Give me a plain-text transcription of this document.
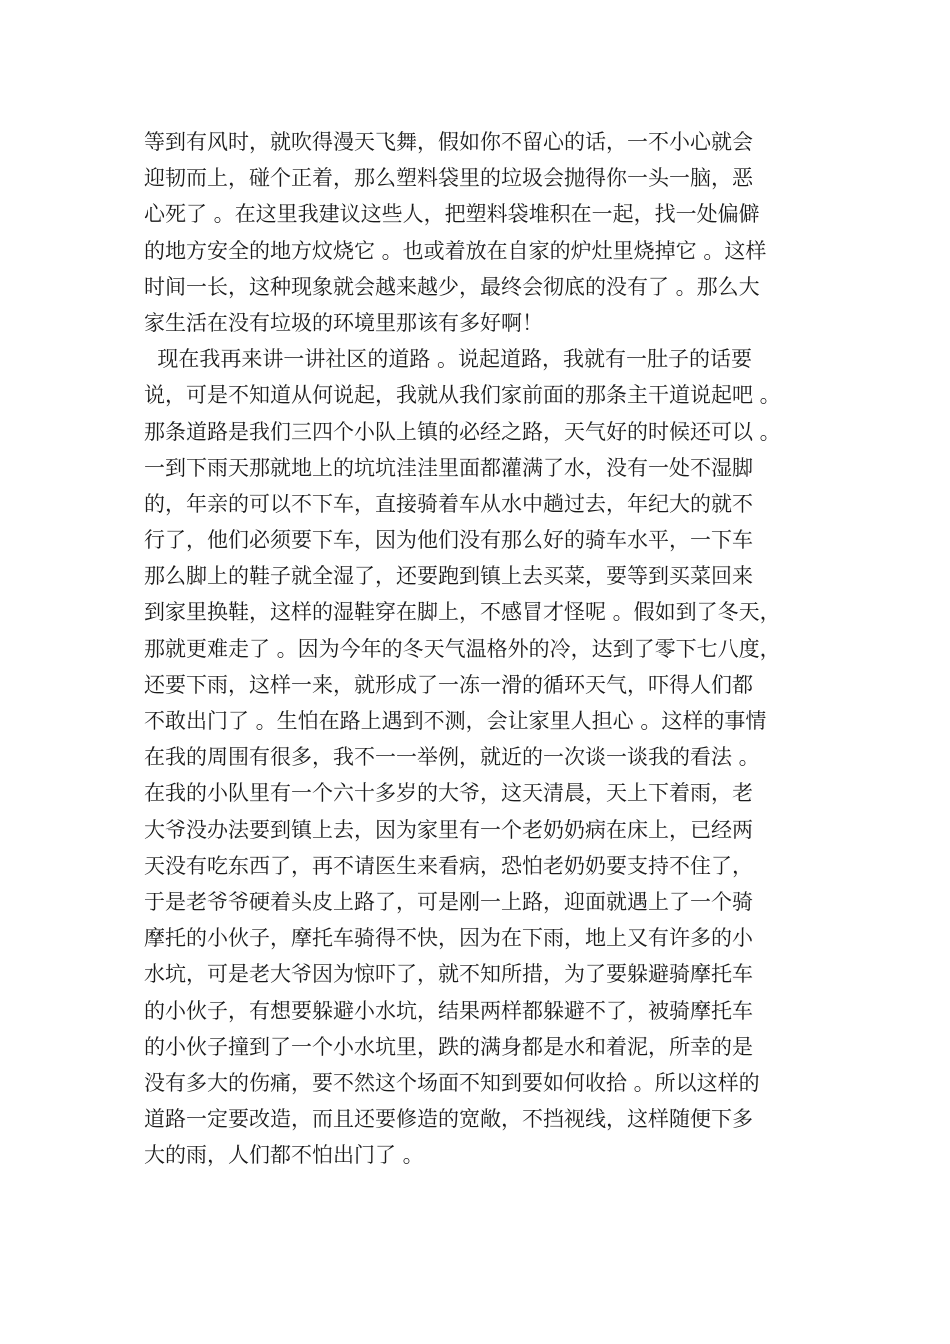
等到有风时，就吹得漫天飞舞，假如你不留心的话，一不小心就会
迎韧而上，碰个正着，那么塑料袋里的垃圾会抛得你一头一脑，恶
心死了 。在这里我建议这些人，把塑料袋堆积在一起，找一处偏僻
的地方安全的地方炆烧它 。也或着放在自家的炉灶里烧掉它 。这样
时间一长，这种现象就会越来越少，最终会彻底的没有了 。那么大
家生活在没有垃圾的环境里那该有多好啊！
现在我再来讲一讲社区的道路 。说起道路，我就有一肚子的话要
说，可是不知道从何说起，我就从我们家前面的那条主干道说起吧 。
那条道路是我们三四个小队上镇的必经之路，天气好的时候还可以 。
一到下雨天那就地上的坑坑洼洼里面都灌满了水，没有一处不湿脚
的，年亲的可以不下车，直接骑着车从水中趟过去，年纪大的就不
行了，他们必须要下车，因为他们没有那么好的骑车水平，一下车
那么脚上的鞋子就全湿了，还要跑到镇上去买菜，要等到买菜回来
到家里换鞋，这样的湿鞋穿在脚上，不感冒才怪呢 。假如到了冬天，
那就更难走了 。因为今年的冬天气温格外的冷，达到了零下七八度，
还要下雨，这样一来，就形成了一冻一滑的循环天气，吓得人们都
不敢出门了 。生怕在路上遇到不测，会让家里人担心 。这样的事情
在我的周围有很多，我不一一举例，就近的一次谈一谈我的看法 。
在我的小队里有一个六十多岁的大爷，这天清晨，天上下着雨，老
大爷没办法要到镇上去，因为家里有一个老奶奶病在床上，已经两
天没有吃东西了，再不请医生来看病，恐怕老奶奶要支持不住了，
于是老爷爷硬着头皮上路了，可是刚一上路，迎面就遇上了一个骑
摩托的小伙子，摩托车骑得不快，因为在下雨，地上又有许多的小
水坑，可是老大爷因为惊吓了，就不知所措，为了要躲避骑摩托车
的小伙子，有想要躲避小水坑，结果两样都躲避不了，被骑摩托车
的小伙子撞到了一个小水坑里，跌的满身都是水和着泥，所幸的是
没有多大的伤痛，要不然这个场面不知到要如何收拾 。所以这样的
道路一定要改造，而且还要修造的宽敞，不挡视线，这样随便下多
大的雨，人们都不怕出门了 。
